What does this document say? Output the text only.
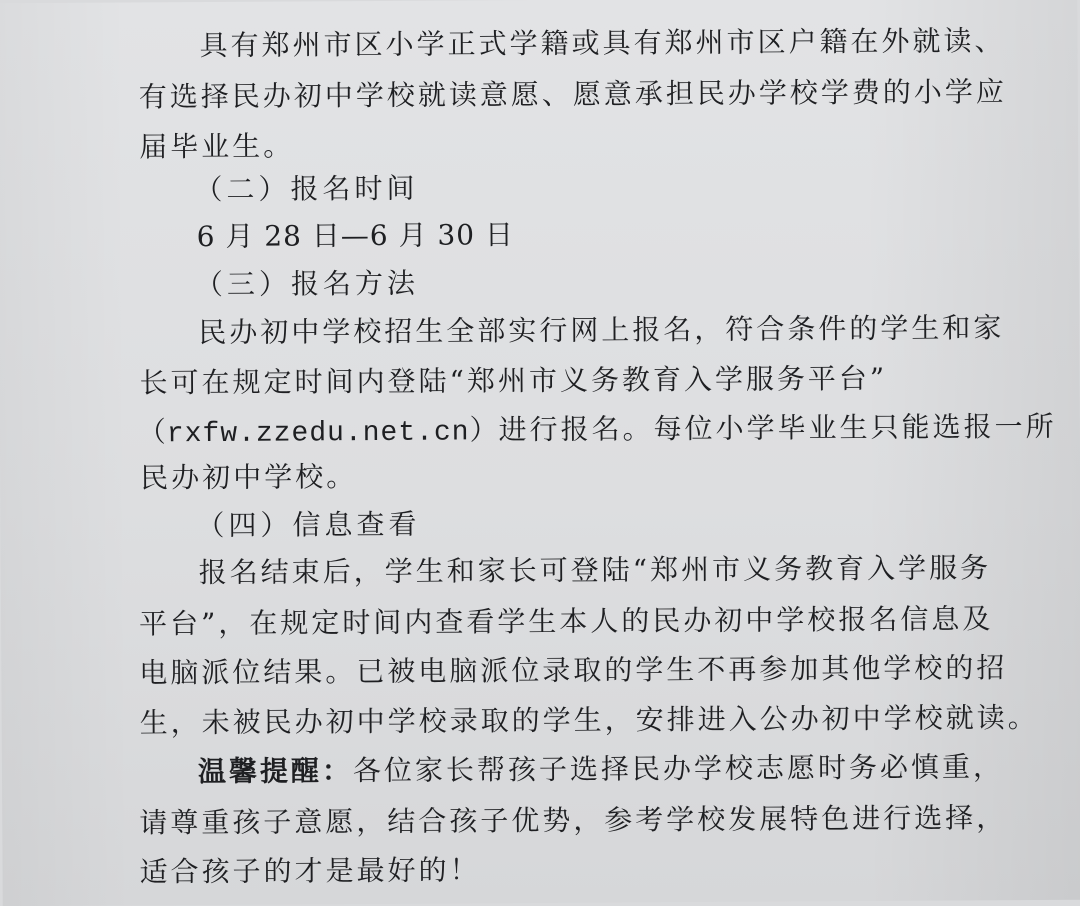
具有郑州市区小学正式学籍或具有郑州市区户籍在外就读、

有选择民办初中学校就读意愿、愿意承担民办学校学费的小学应

届毕业生。

（二）报名时间

6 月 28 日—6 月 30 日

（三）报名方法

民办初中学校招生全部实行网上报名，符合条件的学生和家

长可在规定时间内登陆“郑州市义务教育入学服务平台”

（rxfw.zzedu.net.cn）进行报名。每位小学毕业生只能选报一所

民办初中学校。

（四）信息查看

报名结束后，学生和家长可登陆“郑州市义务教育入学服务

平台”，在规定时间内查看学生本人的民办初中学校报名信息及

电脑派位结果。已被电脑派位录取的学生不再参加其他学校的招

生，未被民办初中学校录取的学生，安排进入公办初中学校就读。

温馨提醒：各位家长帮孩子选择民办学校志愿时务必慎重，

请尊重孩子意愿，结合孩子优势，参考学校发展特色进行选择，

适合孩子的才是最好的！
